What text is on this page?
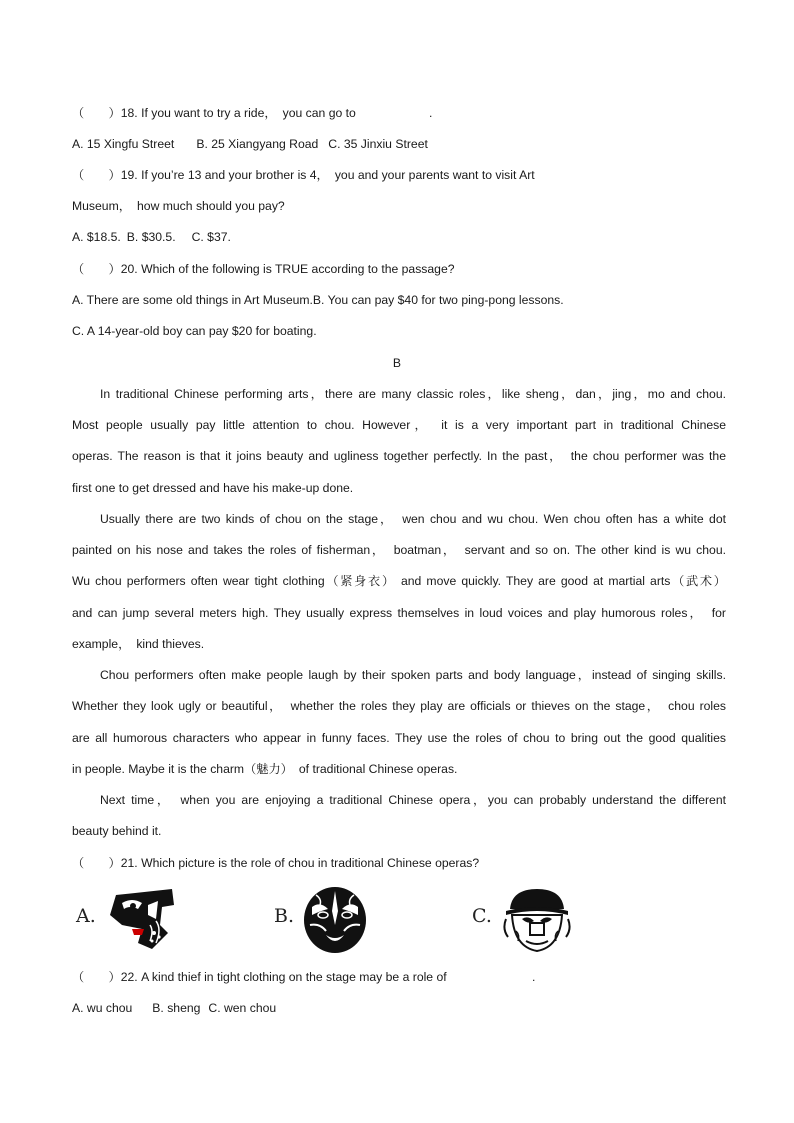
（　　）18. If you want to try a ride，　you can go to　　　　　　.
A. 15 Xingfu Street B. 25 Xiangyang Road C. 35 Jinxiu Street
（　　）19. If you’re 13 and your brother is 4，　you and your parents want to visit Art
Museum，　how much should you pay?
A. $18.5. B. $30.5. C. $37.
（　　）20. Which of the following is TRUE according to the passage?
A. There are some old things in Art Museum.B. You can pay $40 for two ping-pong lessons.
C. A 14-year-old boy can pay $20 for boating.
B
In traditional Chinese performing arts，there are many classic roles，like sheng，dan，jing，mo and chou.
Most people usually pay little attention to chou. However，　it is a very important part in traditional Chinese
operas. The reason is that it joins beauty and ugliness together perfectly. In the past，　the chou performer was the
first one to get dressed and have his make-up done.
Usually there are two kinds of chou on the stage，　wen chou and wu chou. Wen chou often has a white dot
painted on his nose and takes the roles of fisherman，　boatman，　servant and so on. The other kind is wu chou.
Wu chou performers often wear tight clothing（紧身衣） and move quickly. They are good at martial arts（武术）
and can jump several meters high. They usually express themselves in loud voices and play humorous roles，　for
example，　kind thieves.
Chou performers often make people laugh by their spoken parts and body language，instead of singing skills.
Whether they look ugly or beautiful，　whether the roles they play are officials or thieves on the stage，　chou roles
are all humorous characters who appear in funny faces. They use the roles of chou to bring out the good qualities
in people. Maybe it is the charm（魅力）　of traditional Chinese operas.
Next time，　when you are enjoying a traditional Chinese opera，you can probably understand the different
beauty behind it.
（　　）21. Which picture is the role of chou in traditional Chinese operas?
A.	B.	C.
（　　）22. A kind thief in tight clothing on the stage may be a role of　　　　　　　.
A. wu chou B. sheng C. wen chou
